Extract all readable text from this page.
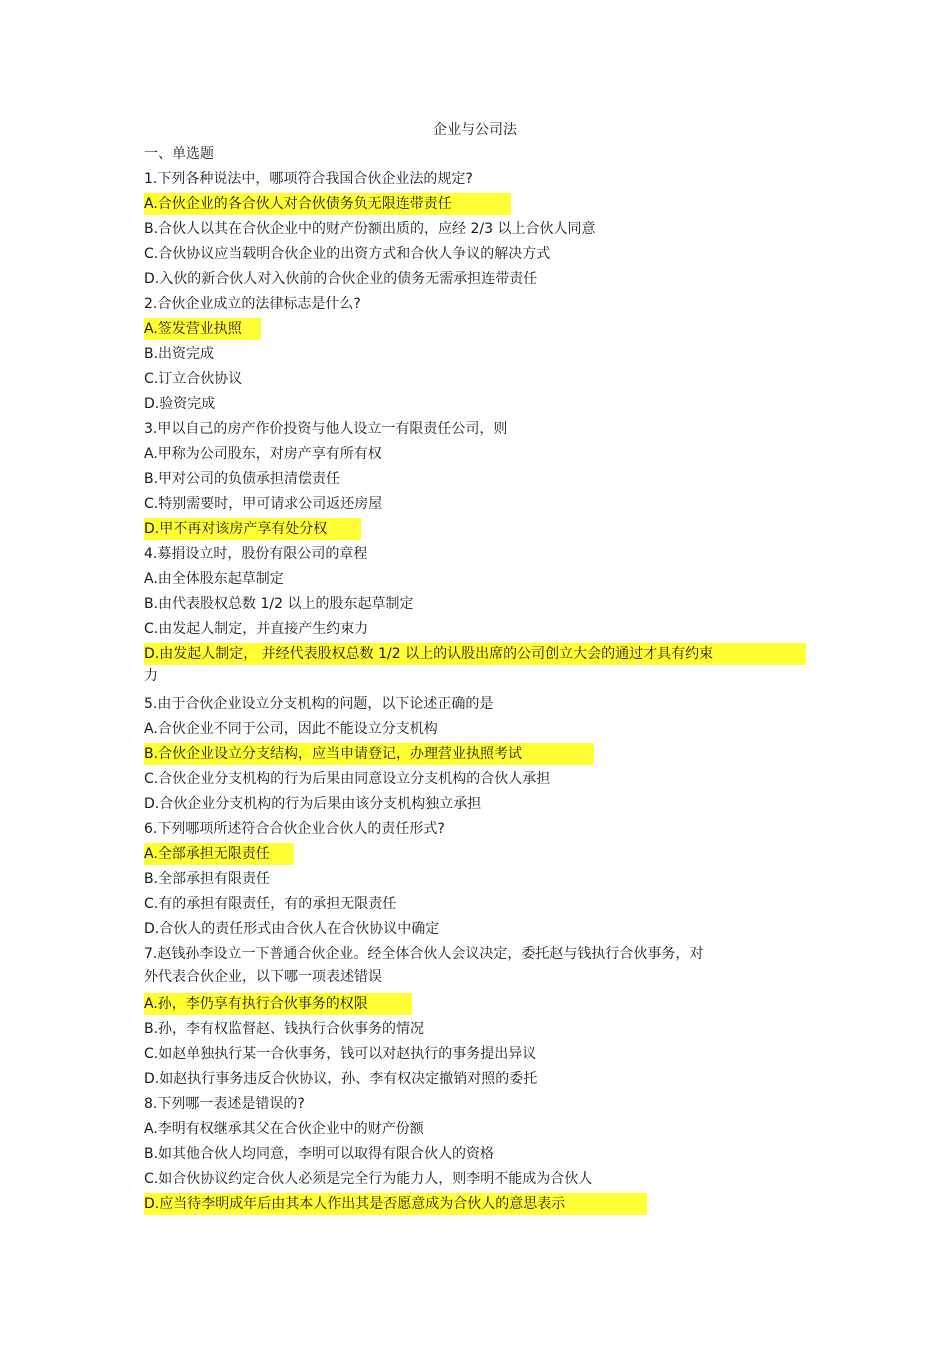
企业与公司法
一、单选题
1.下列各种说法中，哪项符合我国合伙企业法的规定?
A.合伙企业的各合伙人对合伙债务负无限连带责任
B.合伙人以其在合伙企业中的财产份额出质的，应经 2/3 以上合伙人同意
C.合伙协议应当载明合伙企业的出资方式和合伙人争议的解决方式
D.入伙的新合伙人对入伙前的合伙企业的债务无需承担连带责任
2.合伙企业成立的法律标志是什么?
A.签发营业执照
B.出资完成
C.订立合伙协议
D.验资完成
3.甲以自己的房产作价投资与他人设立一有限责任公司，则
A.甲称为公司股东，对房产享有所有权
B.甲对公司的负债承担清偿责任
C.特别需要时，甲可请求公司返还房屋
D.甲不再对该房产享有处分权
4.募捐设立时，股份有限公司的章程
A.由全体股东起草制定
B.由代表股权总数 1/2 以上的股东起草制定
C.由发起人制定，并直接产生约束力
D.由发起人制定， 并经代表股权总数 1/2 以上的认股出席的公司创立大会的通过才具有约束
力
5.由于合伙企业设立分支机构的问题，以下论述正确的是
A.合伙企业不同于公司，因此不能设立分支机构
B.合伙企业设立分支结构，应当申请登记，办理营业执照考试
C.合伙企业分支机构的行为后果由同意设立分支机构的合伙人承担
D.合伙企业分支机构的行为后果由该分支机构独立承担
6.下列哪项所述符合合伙企业合伙人的责任形式?
A.全部承担无限责任
B.全部承担有限责任
C.有的承担有限责任，有的承担无限责任
D.合伙人的责任形式由合伙人在合伙协议中确定
7.赵钱孙李设立一下普通合伙企业。经全体合伙人会议决定，委托赵与钱执行合伙事务，对
外代表合伙企业，以下哪一项表述错误
A.孙，李仍享有执行合伙事务的权限
B.孙，李有权监督赵、钱执行合伙事务的情况
C.如赵单独执行某一合伙事务，钱可以对赵执行的事务提出异议
D.如赵执行事务违反合伙协议，孙、李有权决定撤销对照的委托
8.下列哪一表述是错误的?
A.李明有权继承其父在合伙企业中的财产份额
B.如其他合伙人均同意，李明可以取得有限合伙人的资格
C.如合伙协议约定合伙人必须是完全行为能力人，则李明不能成为合伙人
D.应当待李明成年后由其本人作出其是否愿意成为合伙人的意思表示
